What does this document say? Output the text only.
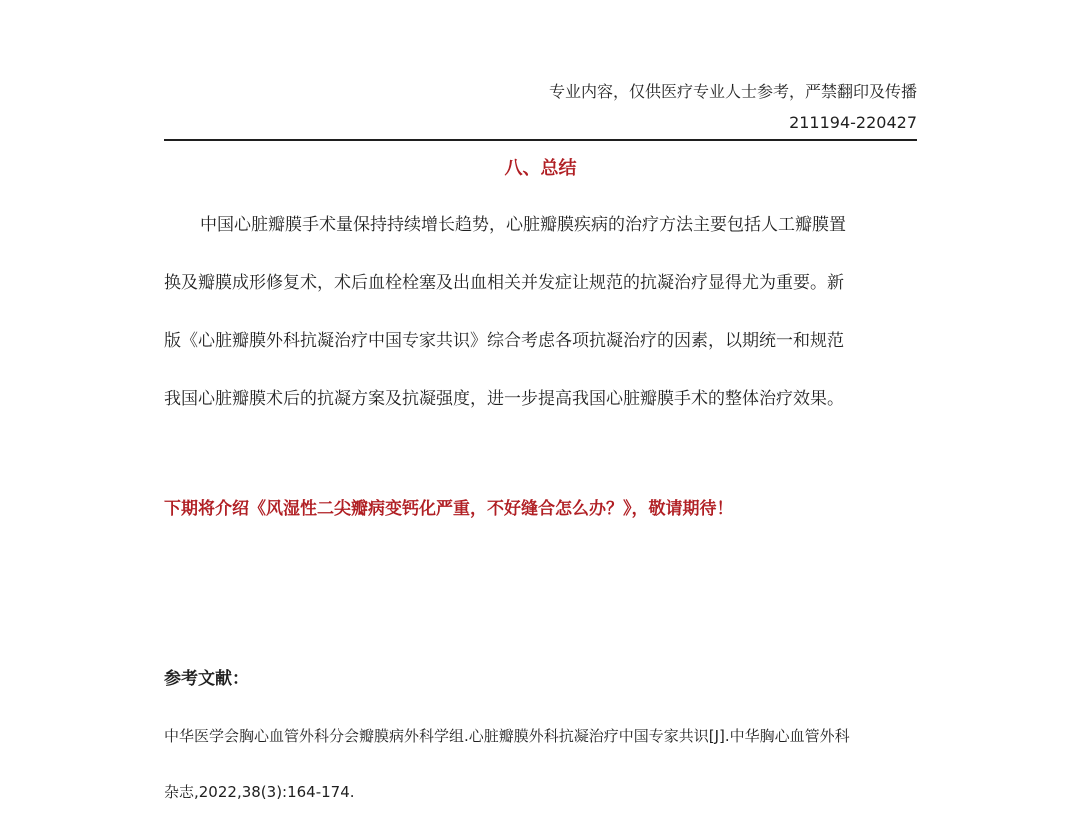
专业内容，仅供医疗专业人士参考，严禁翻印及传播
211194-220427
八、总结
中国心脏瓣膜手术量保持持续增长趋势，心脏瓣膜疾病的治疗方法主要包括人工瓣膜置
换及瓣膜成形修复术，术后血栓栓塞及出血相关并发症让规范的抗凝治疗显得尤为重要。新
版《心脏瓣膜外科抗凝治疗中国专家共识》综合考虑各项抗凝治疗的因素，以期统一和规范
我国心脏瓣膜术后的抗凝方案及抗凝强度，进一步提高我国心脏瓣膜手术的整体治疗效果。
下期将介绍《风湿性二尖瓣病变钙化严重，不好缝合怎么办？》，敬请期待！
参考文献：
中华医学会胸心血管外科分会瓣膜病外科学组.心脏瓣膜外科抗凝治疗中国专家共识[J].中华胸心血管外科
杂志,2022,38(3):164-174.
